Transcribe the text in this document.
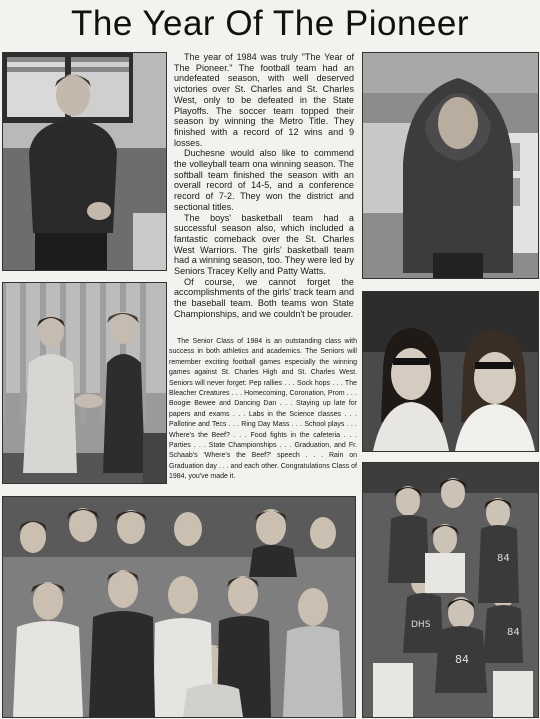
The Year Of The Pioneer
84
84
84
DHS

The year of 1984 was truly "The Year of The Pioneer." The football team had an undefeated season, with well deserved victories over St. Charles and St. Charles West, only to be defeated in the State Playoffs. The soccer team topped their season by winning the Metro Title. They finished with a record of 12 wins and 9 losses.

Duchesne would also like to commend the volleyball team ona winning season. The softball team finished the season with an overall record of 14-5, and a conference record of 7-2. They won the district and sectional titles.

The boys' basketball team had a successful season also, which included a fantastic comeback over the St. Charles West Warriors. The girls' basketball team had a winning season, too. They were led by Seniors Tracey Kelly and Patty Watts.

Of course, we cannot forget the accomplishments of the girls' track team and the baseball team. Both teams won State Championships, and we couldn't be prouder.

The Senior Class of 1984 is an outstanding class with success in both athletics and academics. The Seniors will remember exciting football games especially the winning games against St. Charles High and St. Charles West. Seniors will never forget: Pep rallies . . . Sock hops . . . The Bleacher Creatures . . . Homecoming, Coronation, Prom . . . Boogie Bewee and Dancing Dan . . . Staying up late for papers and exams . . . Labs in the Science classes . . . Pallotine and Tecs . . . Ring Day Mass . . . School plays . . . Where's the Beef? . . . Food fights in the cafeteria . . . Parties . . . State Championships . . . Graduation, and Fr. Schaab's 'Where's the Beef?' speech . . . Rain on Graduation day . . . and each other. Congratulations Class of 1984, you've made it.
